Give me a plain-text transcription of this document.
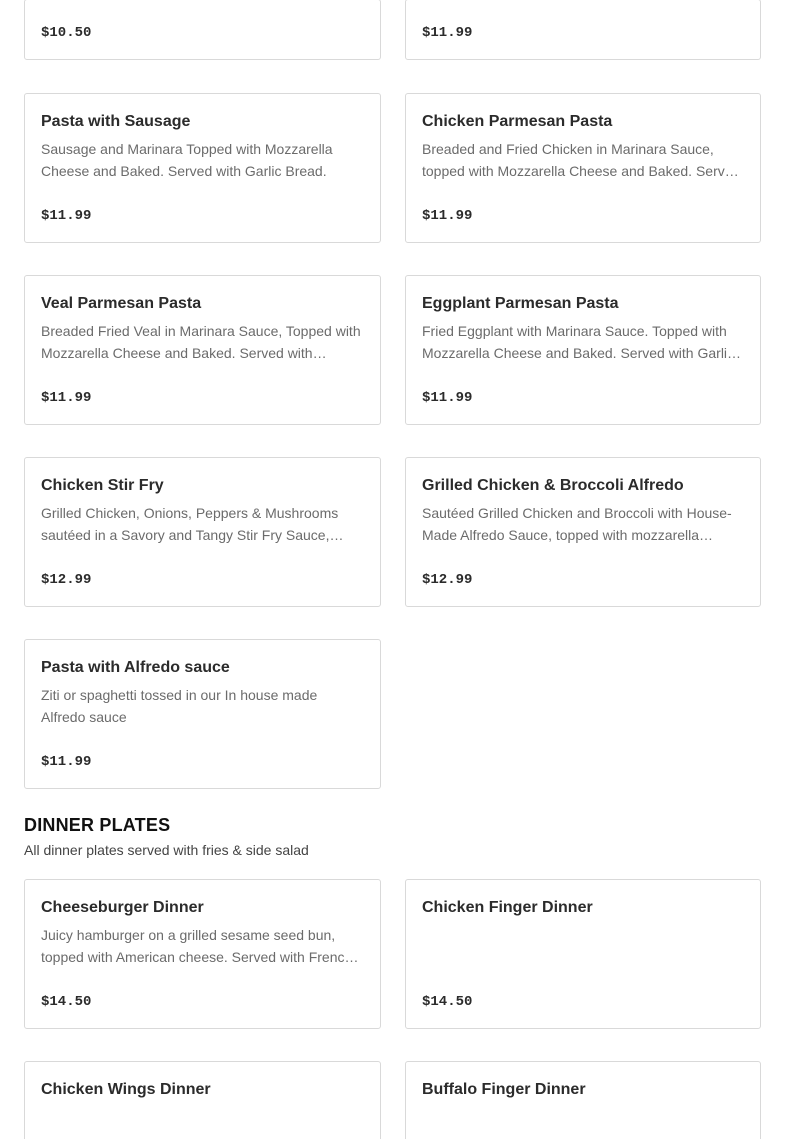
$10.50	$11.99
Pasta with Sausage
Sausage and Marinara Topped with Mozzarella Cheese and Baked. Served with Garlic Bread.
$11.99
Chicken Parmesan Pasta
Breaded and Fried Chicken in Marinara Sauce, topped with Mozzarella Cheese and Baked. Serv…
$11.99
Veal Parmesan Pasta
Breaded Fried Veal in Marinara Sauce, Topped with Mozzarella Cheese and Baked. Served with…
$11.99
Eggplant Parmesan Pasta
Fried Eggplant with Marinara Sauce. Topped with Mozzarella Cheese and Baked. Served with Garli…
$11.99
Chicken Stir Fry
Grilled Chicken, Onions, Peppers & Mushrooms sautéed in a Savory and Tangy Stir Fry Sauce,…
$12.99
Grilled Chicken & Broccoli Alfredo
Sautéed Grilled Chicken and Broccoli with House-Made Alfredo Sauce, topped with mozzarella…
$12.99
Pasta with Alfredo sauce
Ziti or spaghetti tossed in our In house made Alfredo sauce
$11.99
DINNER PLATES
All dinner plates served with fries & side salad
Cheeseburger Dinner
Juicy hamburger on a grilled sesame seed bun, topped with American cheese. Served with Frenc…
$14.50
Chicken Finger Dinner
$14.50
Chicken Wings Dinner	Buffalo Finger Dinner
